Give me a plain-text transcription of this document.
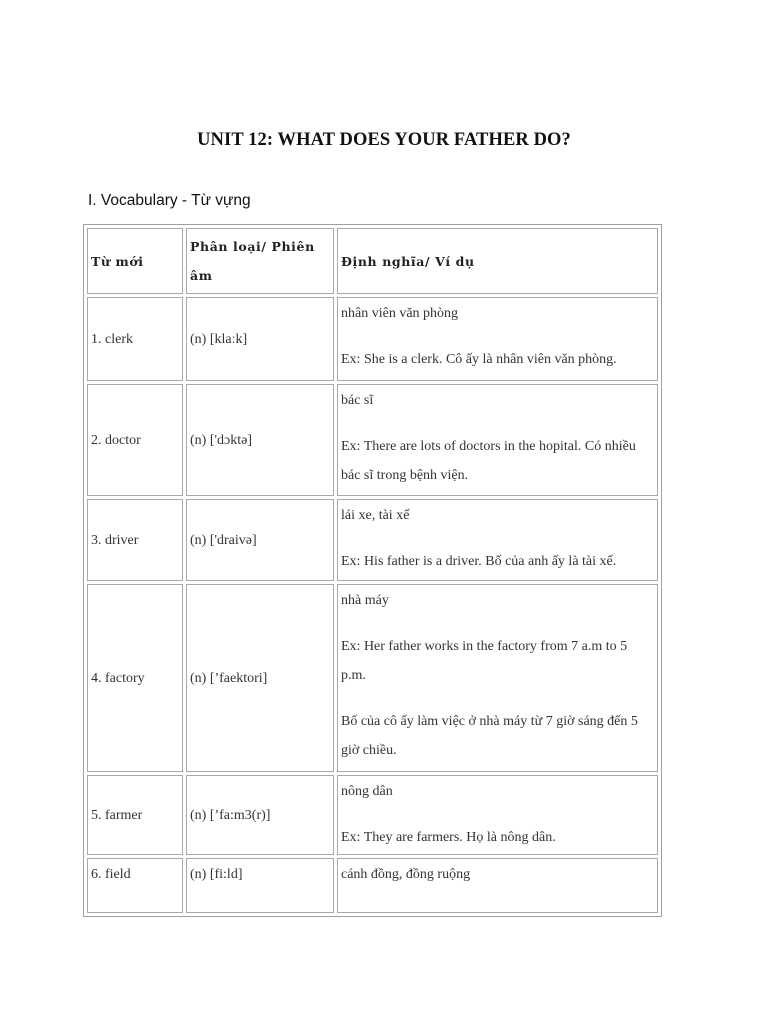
UNIT 12: WHAT DOES YOUR FATHER DO?
I. Vocabulary - Từ vựng
Từ mới	Phân loại/ Phiên âm	Định nghĩa/ Ví dụ
1. clerk	(n) [klaːk]	nhân viên văn phòng

Ex: She is a clerk. Cô ấy là nhân viên văn phòng.

2. doctor	(n) ['dɔktə]	bác sĩ

Ex: There are lots of doctors in the hopital. Có nhiều bác sĩ trong bệnh viện.

3. driver	(n) ['draivə]	lái xe, tài xế

Ex: His father is a driver. Bố của anh ấy là tài xế.

4. factory	(n) [’faektori]	nhà máy

Ex: Her father works in the factory from 7 a.m to 5 p.m.

Bố của cô ấy làm việc ở nhà máy từ 7 giờ sáng đến 5 giờ chiều.

5. farmer	(n) [’fa:m3(r)]	nông dân

Ex: They are farmers. Họ là nông dân.

6. field	(n) [fi:ld]	cánh đồng, đồng ruộng
